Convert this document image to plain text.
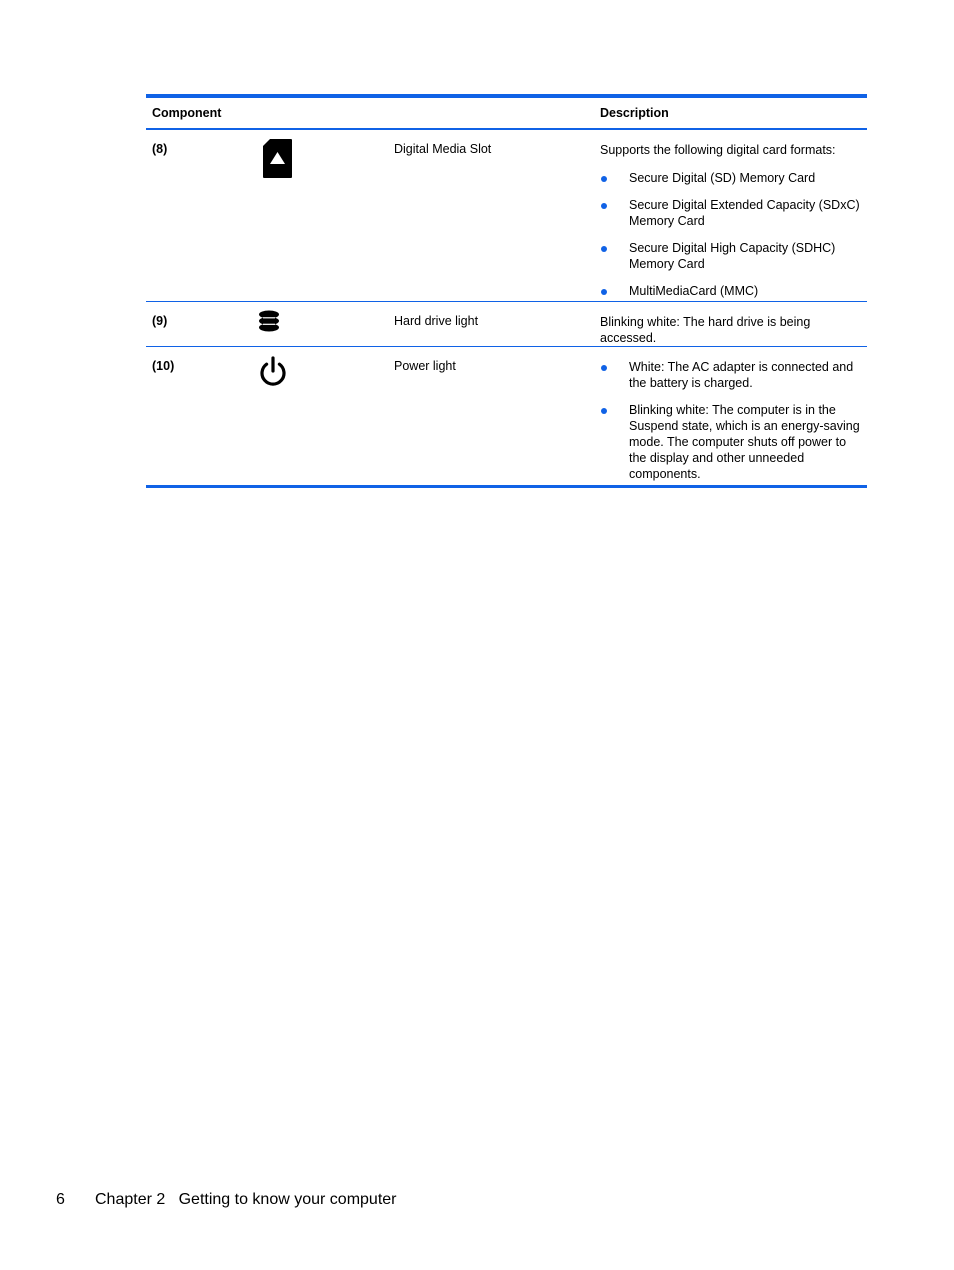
Component	Description
(8)	Digital Media Slot	Supports the following digital card formats:

Secure Digital (SD) Memory Card
Secure Digital Extended Capacity (SDxC) Memory Card
Secure Digital High Capacity (SDHC) Memory Card
MultiMediaCard (MMC)
(9)	Hard drive light	Blinking white: The hard drive is being accessed.

(10)	Power light	White: The AC adapter is connected and the battery is charged.
Blinking white: The computer is in the Suspend state, which is an energy-saving mode. The computer shuts off power to the display and other unneeded components.
6 Chapter 2   Getting to know your computer
